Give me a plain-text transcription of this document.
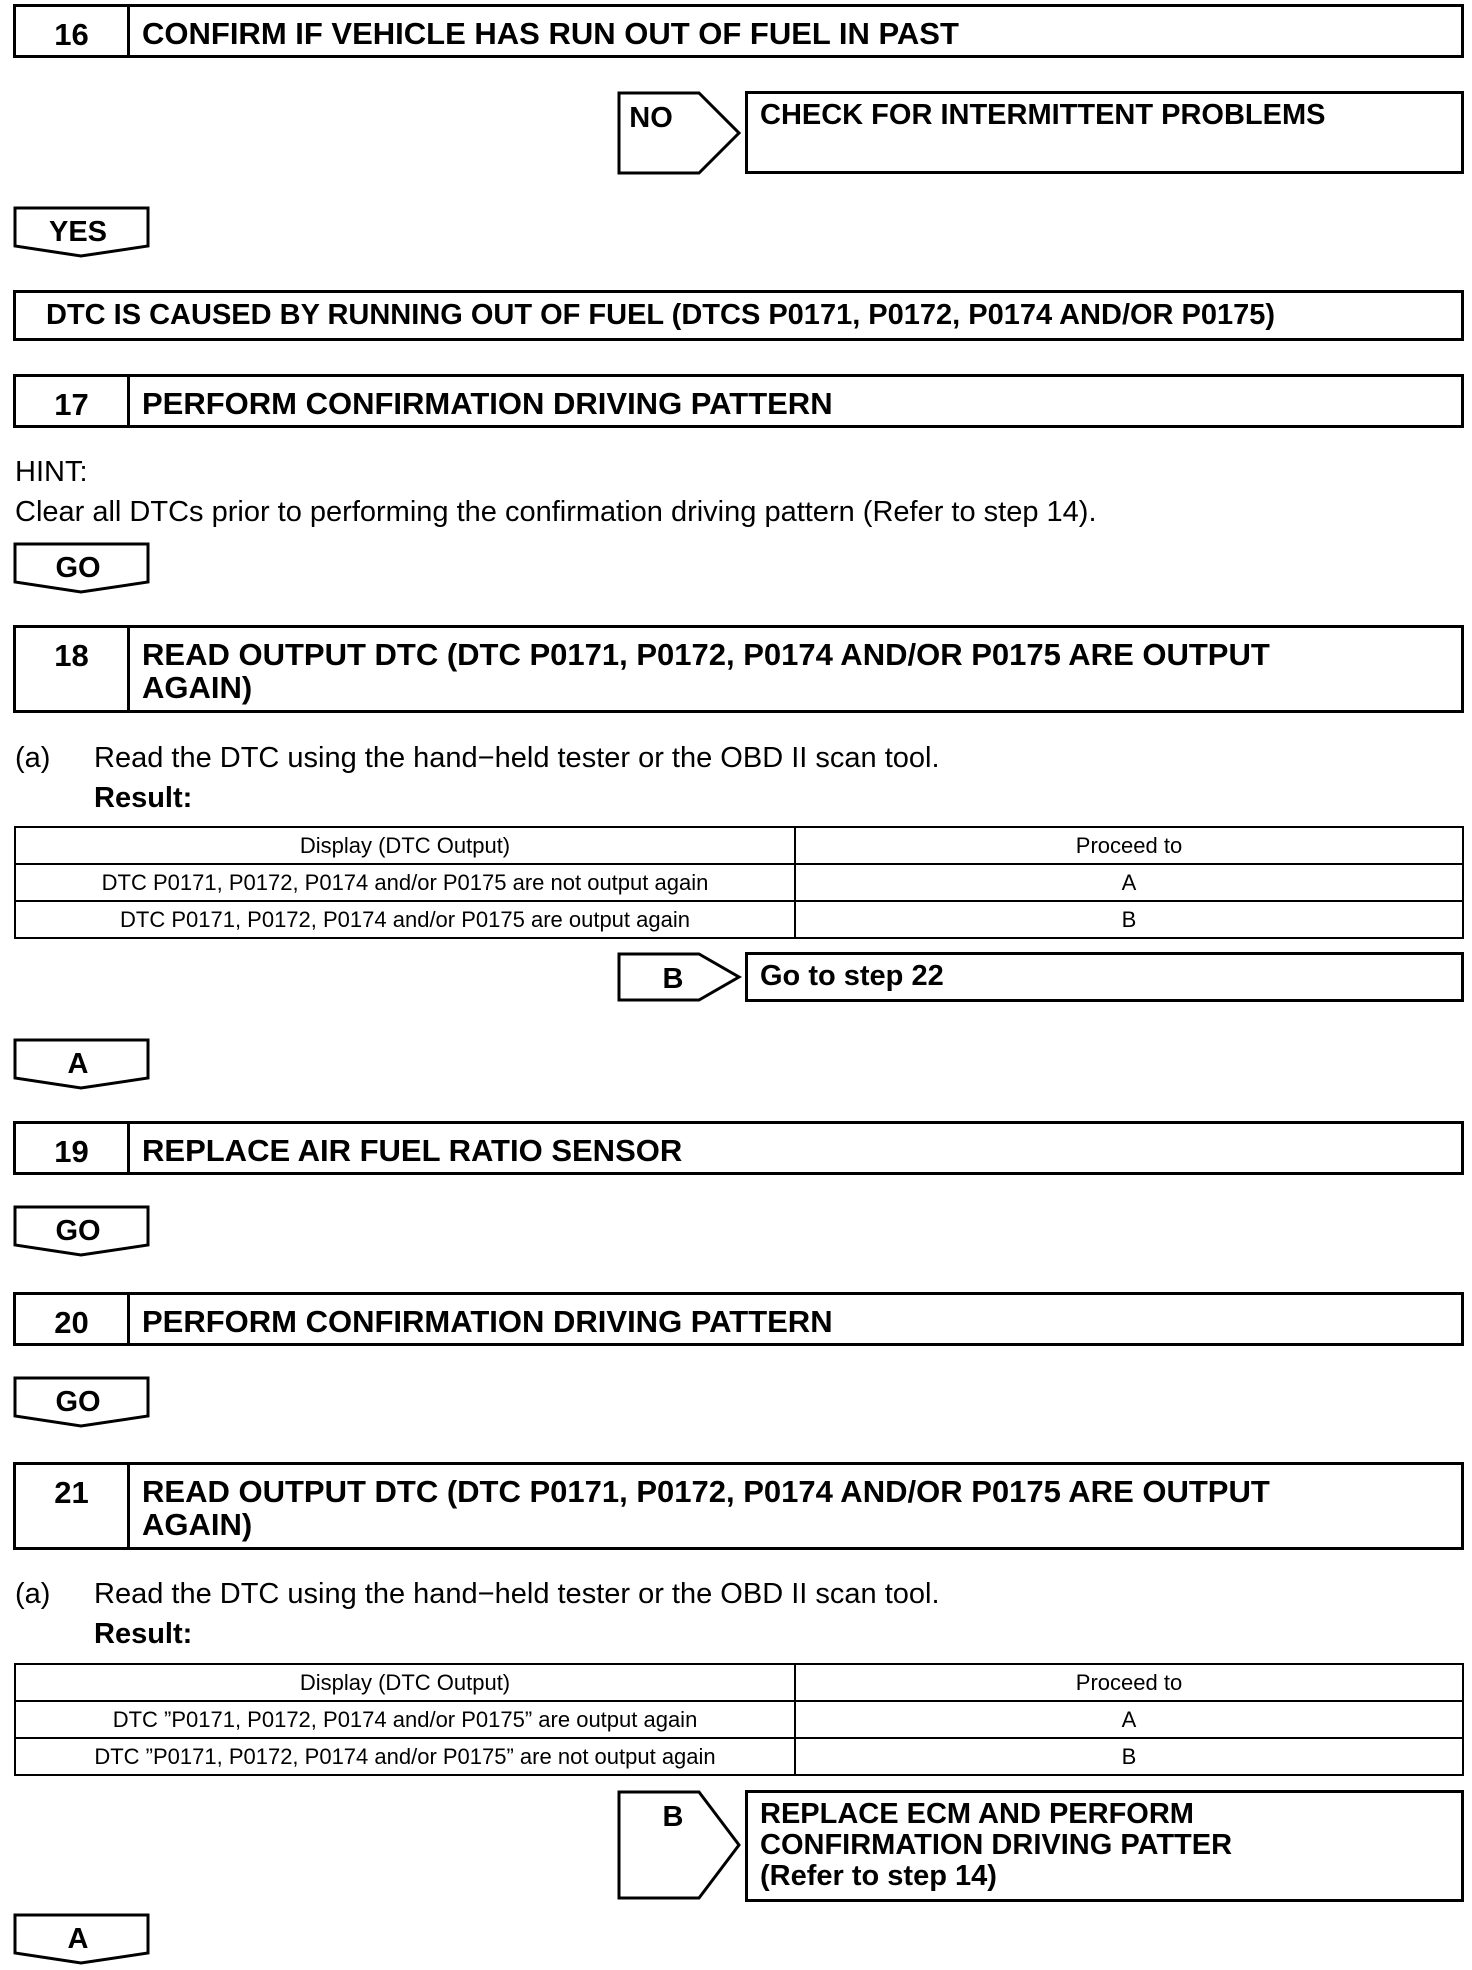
16	CONFIRM IF VEHICLE HAS RUN OUT OF FUEL IN PAST
NO	CHECK FOR INTERMITTENT PROBLEMS
YES
DTC IS CAUSED BY RUNNING OUT OF FUEL (DTCS P0171, P0172, P0174 AND/OR P0175)
17	PERFORM CONFIRMATION DRIVING PATTERN
HINT:
Clear all DTCs prior to performing the confirmation driving pattern (Refer to step 14).
GO
18	READ OUTPUT DTC (DTC P0171, P0172, P0174 AND/OR P0175 ARE OUTPUT
AGAIN)
(a) Read the DTC using the hand−held tester or the OBD II scan tool.
Result:
Display (DTC Output)	Proceed to
DTC P0171, P0172, P0174 and/or P0175 are not output again	A
DTC P0171, P0172, P0174 and/or P0175 are output again	B
B	Go to step 22
A
19	REPLACE AIR FUEL RATIO SENSOR
GO
20	PERFORM CONFIRMATION DRIVING PATTERN
GO
21	READ OUTPUT DTC (DTC P0171, P0172, P0174 AND/OR P0175 ARE OUTPUT
AGAIN)
(a) Read the DTC using the hand−held tester or the OBD II scan tool.
Result:
Display (DTC Output)	Proceed to
DTC ”P0171, P0172, P0174 and/or P0175” are output again	A
DTC ”P0171, P0172, P0174 and/or P0175” are not output again	B
B	REPLACE ECM AND PERFORM
CONFIRMATION DRIVING PATTER
(Refer to step 14)
A
